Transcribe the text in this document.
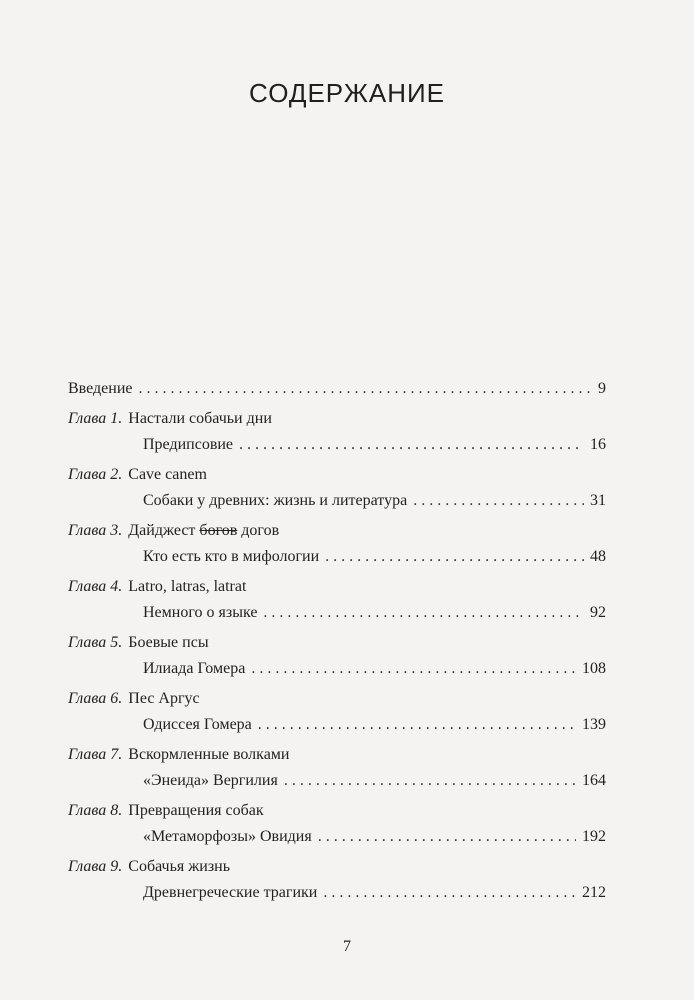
СОДЕРЖАНИЕ
Введение . . .	9
Глава 1. Настали собачьи дни
Предипсовие . . .	16
Глава 2. Cave canem
Собаки у древних: жизнь и литература . . .	31
Глава 3. Дайджест богов догов
Кто есть кто в мифологии . . .	48
Глава 4. Latro, latras, latrat
Немного о языке . . .	92
Глава 5. Боевые псы
Илиада Гомера . . .	108
Глава 6. Пес Аргус
Одиссея Гомера . . .	139
Глава 7. Вскормленные волками
«Энеида» Вергилия . . .	164
Глава 8. Превращения собак
«Метаморфозы» Овидия . . .	192
Глава 9. Собачья жизнь
Древнегреческие трагики . . .	212
7
